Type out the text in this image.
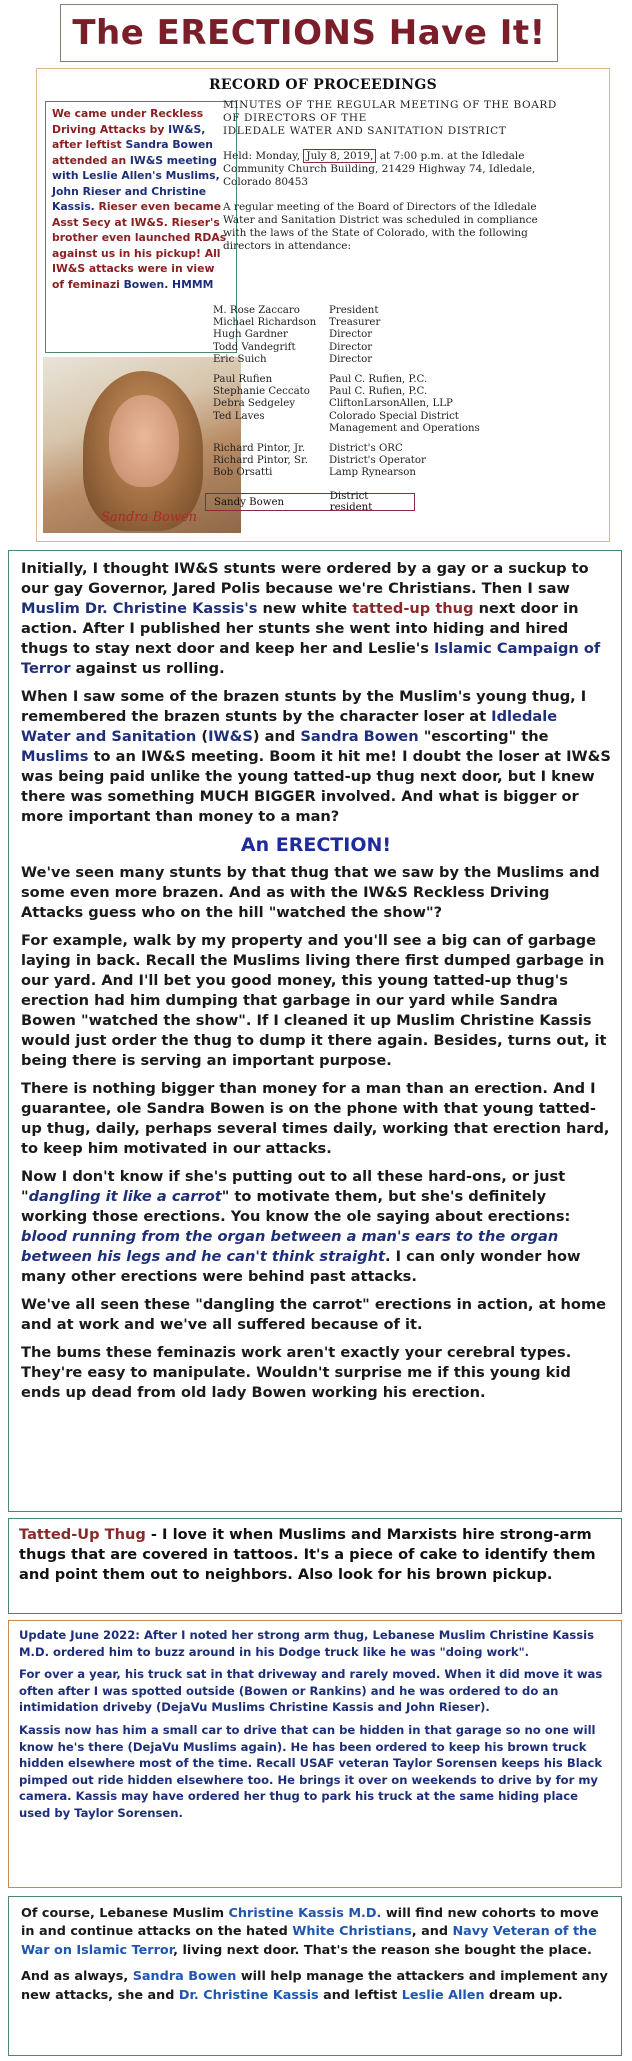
The ERECTIONS Have It!
RECORD OF PROCEEDINGS
We came under Reckless Driving Attacks by IW&S, after leftist Sandra Bowen attended an IW&S meeting with Leslie Allen's Muslims, John Rieser and Christine Kassis. Rieser even became Asst Secy at IW&S. Rieser's brother even launched RDAs against us in his pickup! All IW&S attacks were in view of feminazi Bowen. HMMM
Sandra Bowen

MINUTES OF THE REGULAR MEETING OF THE BOARD OF DIRECTORS OF THE
IDLEDALE WATER AND SANITATION DISTRICT

Held: Monday, July 8, 2019, at 7:00 p.m. at the Idledale Community Church Building, 21429 Highway 74, Idledale, Colorado 80453

A regular meeting of the Board of Directors of the Idledale Water and Sanitation District was scheduled in compliance with the laws of the State of Colorado, with the following directors in attendance:

M. Rose Zaccaro	President
Michael Richardson	Treasurer
Hugh Gardner	Director
Todd Vandegrift	Director
Eric Suich	Director
Paul Rufien	Paul C. Rufien, P.C.
Stephanie Ceccato	Paul C. Rufien, P.C.
Debra Sedgeley	CliftonLarsonAllen, LLP
Ted Laves	Colorado Special District
Management and Operations
Richard Pintor, Jr.	District's ORC
Richard Pintor, Sr.	District's Operator
Bob Orsatti	Lamp Rynearson
Sandy Bowen	District resident

Initially, I thought IW&S stunts were ordered by a gay or a suckup to our gay Governor, Jared Polis because we're Christians. Then I saw Muslim Dr. Christine Kassis's new white tatted-up thug next door in action. After I published her stunts she went into hiding and hired thugs to stay next door and keep her and Leslie's Islamic Campaign of Terror against us rolling.

When I saw some of the brazen stunts by the Muslim's young thug, I remembered the brazen stunts by the character loser at Idledale Water and Sanitation (IW&S) and Sandra Bowen "escorting" the Muslims to an IW&S meeting. Boom it hit me! I doubt the loser at IW&S was being paid unlike the young tatted-up thug next door, but I knew there was something MUCH BIGGER involved. And what is bigger or more important than money to a man?

An ERECTION!

We've seen many stunts by that thug that we saw by the Muslims and some even more brazen. And as with the IW&S Reckless Driving Attacks guess who on the hill "watched the show"?

For example, walk by my property and you'll see a big can of garbage laying in back. Recall the Muslims living there first dumped garbage in our yard. And I'll bet you good money, this young tatted-up thug's erection had him dumping that garbage in our yard while Sandra Bowen "watched the show". If I cleaned it up Muslim Christine Kassis would just order the thug to dump it there again. Besides, turns out, it being there is serving an important purpose.

There is nothing bigger than money for a man than an erection. And I guarantee, ole Sandra Bowen is on the phone with that young tatted-up thug, daily, perhaps several times daily, working that erection hard, to keep him motivated in our attacks.

Now I don't know if she's putting out to all these hard-ons, or just "dangling it like a carrot" to motivate them, but she's definitely working those erections. You know the ole saying about erections: blood running from the organ between a man's ears to the organ between his legs and he can't think straight. I can only wonder how many other erections were behind past attacks.

We've all seen these "dangling the carrot" erections in action, at home and at work and we've all suffered because of it.

The bums these feminazis work aren't exactly your cerebral types. They're easy to manipulate. Wouldn't surprise me if this young kid ends up dead from old lady Bowen working his erection.

Tatted-Up Thug - I love it when Muslims and Marxists hire strong-arm thugs that are covered in tattoos. It's a piece of cake to identify them and point them out to neighbors. Also look for his brown pickup.

Update June 2022: After I noted her strong arm thug, Lebanese Muslim Christine Kassis M.D. ordered him to buzz around in his Dodge truck like he was "doing work".

For over a year, his truck sat in that driveway and rarely moved. When it did move it was often after I was spotted outside (Bowen or Rankins) and he was ordered to do an intimidation driveby (DejaVu Muslims Christine Kassis and John Rieser).

Kassis now has him a small car to drive that can be hidden in that garage so no one will know he's there (DejaVu Muslims again). He has been ordered to keep his brown truck hidden elsewhere most of the time. Recall USAF veteran Taylor Sorensen keeps his Black pimped out ride hidden elsewhere too. He brings it over on weekends to drive by for my camera. Kassis may have ordered her thug to park his truck at the same hiding place used by Taylor Sorensen.

Of course, Lebanese Muslim Christine Kassis M.D. will find new cohorts to move in and continue attacks on the hated White Christians, and Navy Veteran of the War on Islamic Terror, living next door. That's the reason she bought the place.

And as always, Sandra Bowen will help manage the attackers and implement any new attacks, she and Dr. Christine Kassis and leftist Leslie Allen dream up.
